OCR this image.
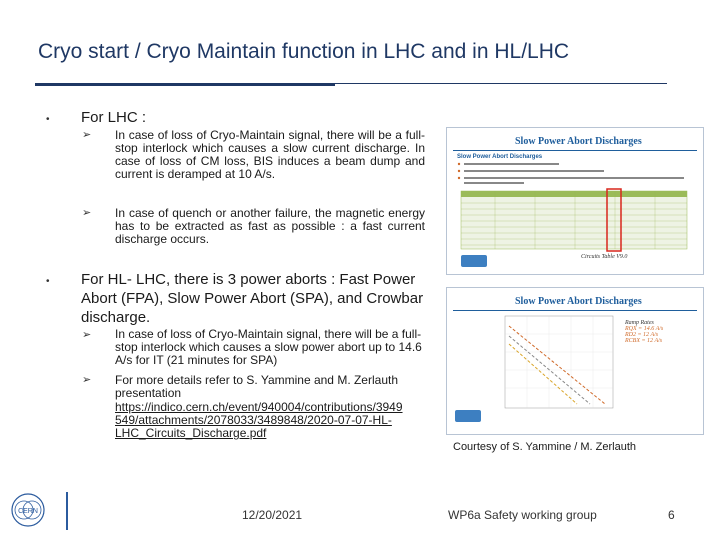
Cryo start / Cryo Maintain function in LHC and in HL/LHC
• For LHC :
➢ In case of loss of Cryo-Maintain signal, there will be a full-stop interlock which causes a slow current discharge. In case of loss of CM loss, BIS induces a beam dump and current is deramped at 10 A/s.
➢ In case of quench or another failure, the magnetic energy has to be extracted as fast as possible : a fast current discharge occurs.
• For HL- LHC, there is 3 power aborts : Fast Power Abort (FPA), Slow Power Abort (SPA), and Crowbar discharge.
➢ In case of loss of Cryo-Maintain signal, there will be a full-stop interlock which causes a slow power abort up to 14.6 A/s for IT (21 minutes for SPA)
➢ For more details refer to S. Yammine and M. Zerlauth presentation
https://indico.cern.ch/event/940004/contributions/3949
549/attachments/2078033/3489848/2020-07-07-HL-
LHC_Circuits_Discharge.pdf
Slow Power Abort Discharges
Slow Power Abort Discharges
Circuits Table V9.0
Slow Power Abort Discharges
Ramp Rates
RQX = 14.6 A/s
RD2 = 12 A/s
RCBX = 12 A/s
Courtesy of S. Yammine / M. Zerlauth
CERN	12/20/2021	WP6a Safety working group	6
